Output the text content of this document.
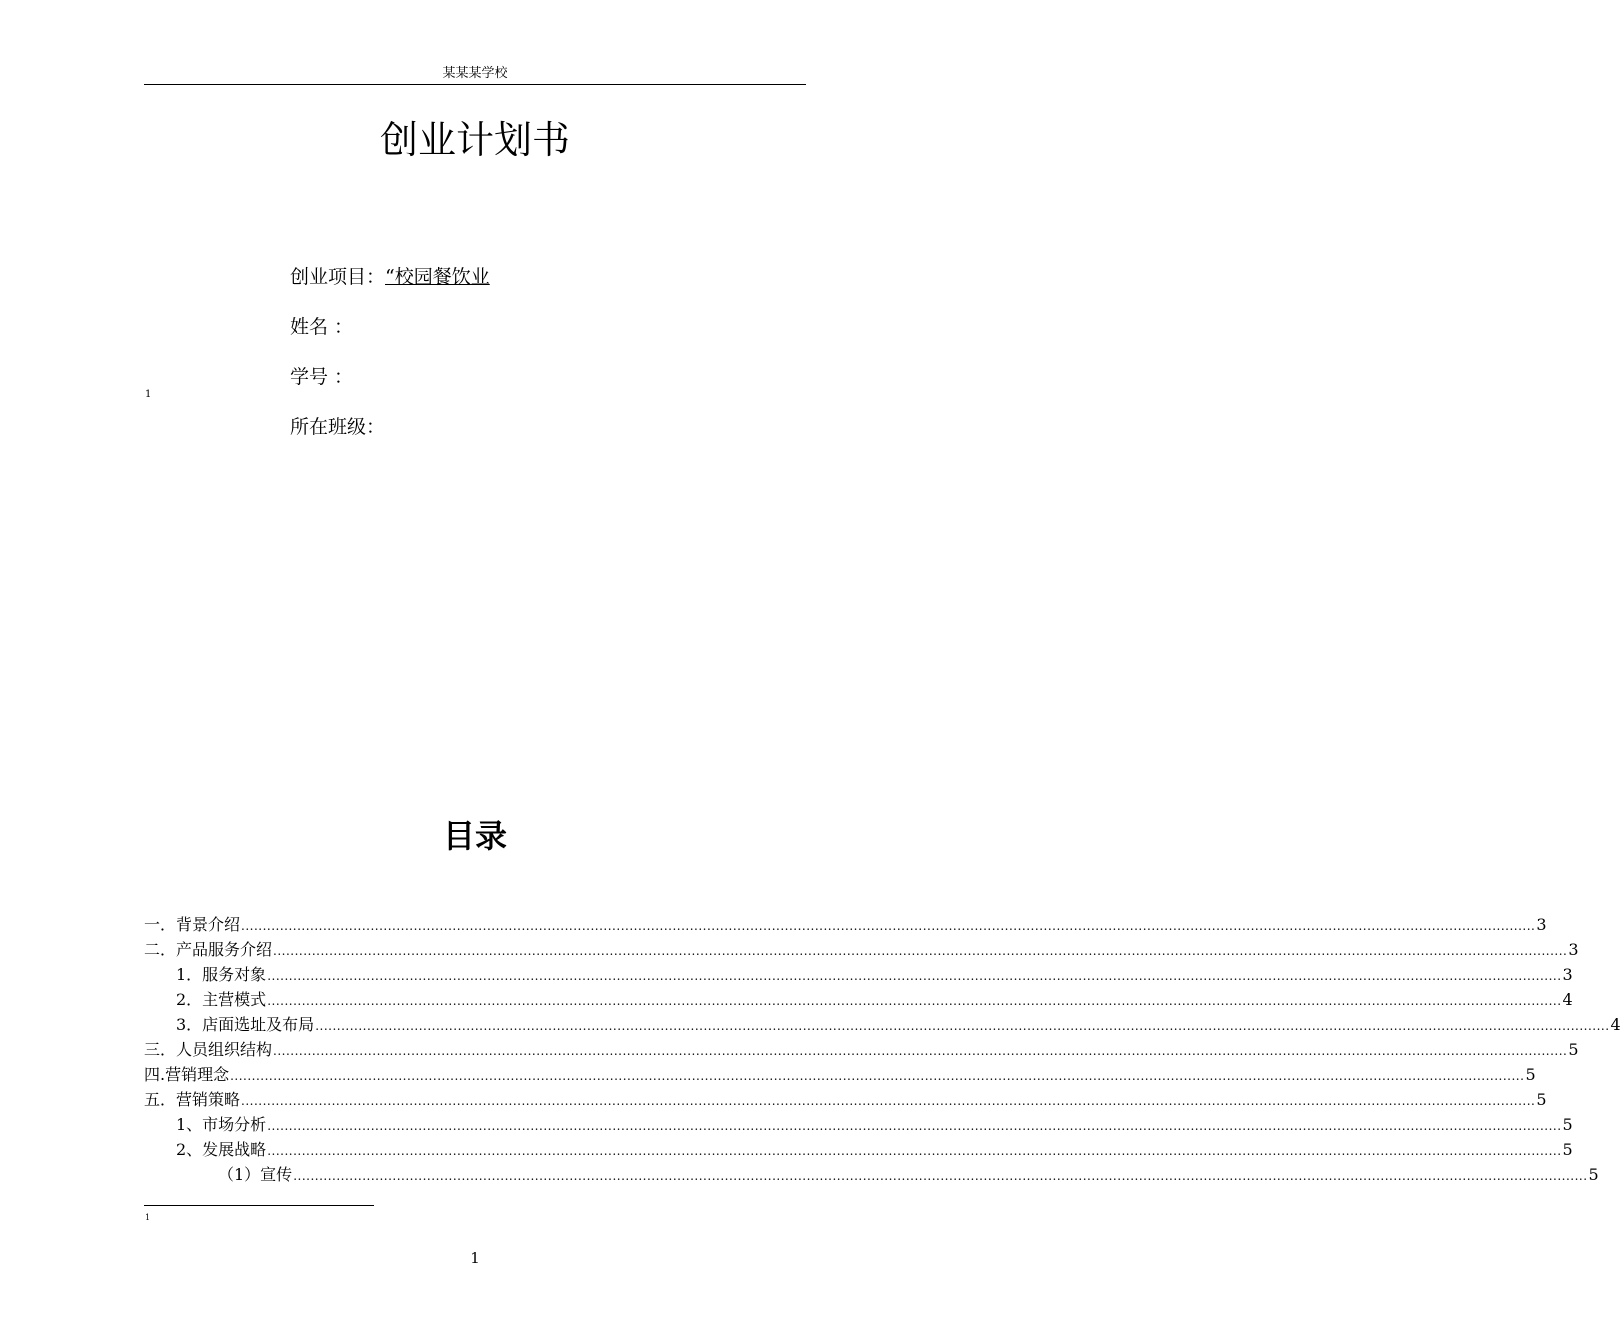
某某某学校
创业计划书
创业项目：“校园餐饮业
姓名 ：
学号 ：
所在班级：
1
目录
一．背景介绍 ............................................................................................................................................................................................................................................................................................................ 3
二．产品服务介绍 ............................................................................................................................................................................................................................................................................................................ 3
1．服务对象 ............................................................................................................................................................................................................................................................................................................ 3
2．主营模式 ............................................................................................................................................................................................................................................................................................................ 4
3．店面选址及布局 ............................................................................................................................................................................................................................................................................................................ 4
三．人员组织结构 ............................................................................................................................................................................................................................................................................................................ 5
四.营销理念 ............................................................................................................................................................................................................................................................................................................ 5
五．营销策略 ............................................................................................................................................................................................................................................................................................................ 5
1、市场分析 ............................................................................................................................................................................................................................................................................................................ 5
2、发展战略 ............................................................................................................................................................................................................................................................................................................ 5
（1）宣传 ............................................................................................................................................................................................................................................................................................................ 5
1
1
